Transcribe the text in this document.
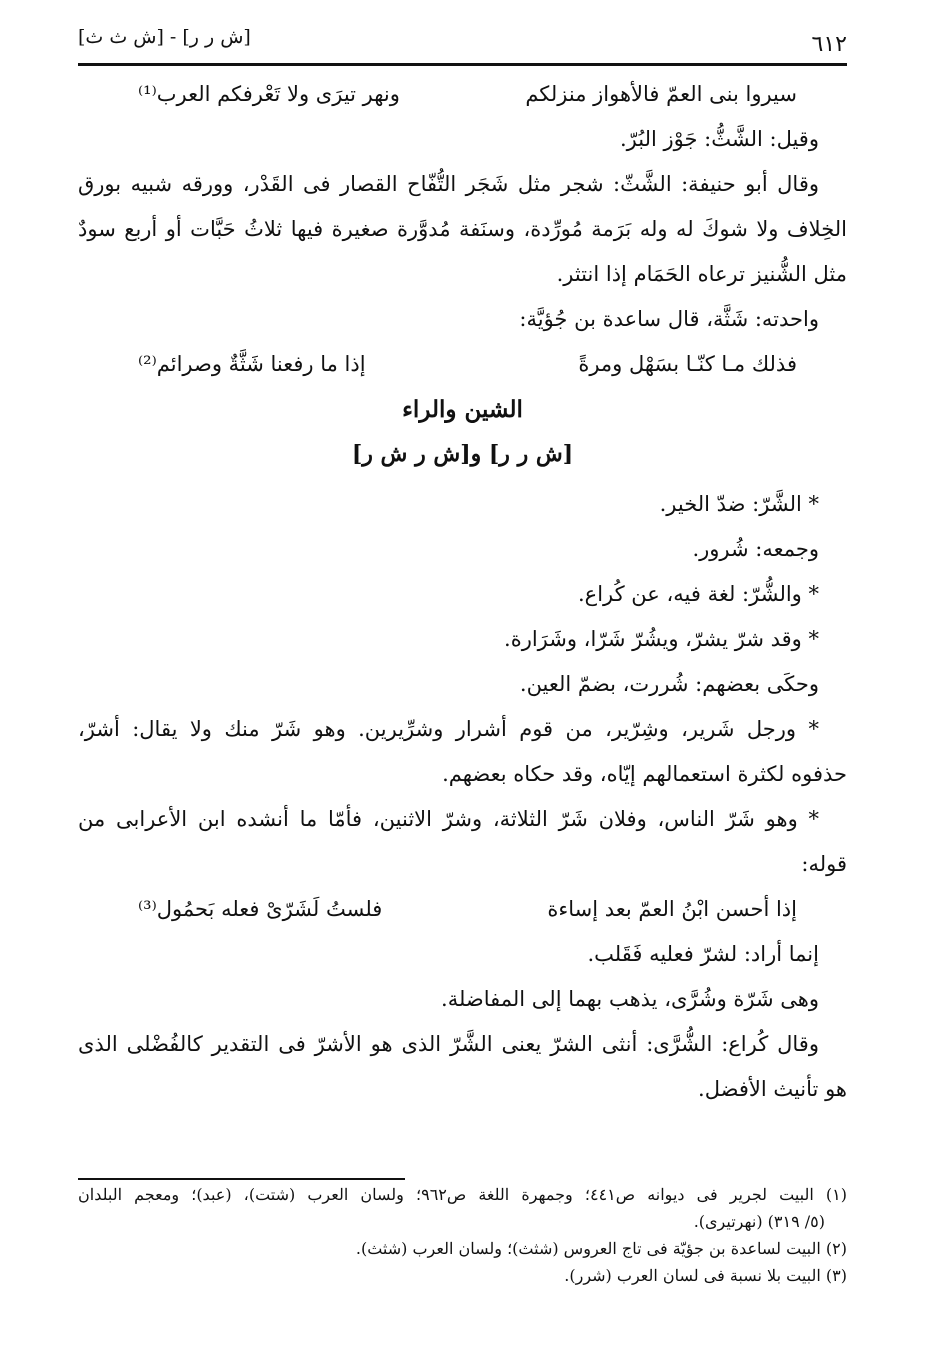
٦١٢
[ش ث ث] - [ش ر ر]
سيروا بنى العمّ فالأهواز منزلكم
ونهر تيرَى ولا تَعْرفكم العرب⁽¹⁾
وقيل: الشَّثُّ: جَوْز البُرّ.
وقال أبو حنيفة: الشَّثّ: شجر مثل شَجَر التُّفّاح القصار فى القَدْر، وورقه شبيه بورق
الخِلاف ولا شوكَ له وله بَرَمة مُورِّدة، وسنَفة مُدوَّرة صغيرة فيها ثلاثُ حَبَّات أو أربع سودٌ
مثل الشُّنيز ترعاه الحَمَام إذا انتثر.
واحدته: شَثَّة، قال ساعدة بن جُؤيَّة:
فذلك مـا كنّـا بسَهْل ومرةً
إذا ما رفعنا شَثَّةٌ وصرائم⁽²⁾
الشين والراء
[ش ر ر] و[ش ر ش ر]
* الشَّرّ: ضدّ الخير.
وجمعه: شُرور.
* والشُّرّ: لغة فيه، عن كُراع.
* وقد شرّ يشرّ، ويشُرّ شَرّا، وشَرَارة.
وحكَى بعضهم: شُررت، بضمّ العين.
* ورجل شَرير، وشِرّير، من قوم أشرار وشرِّيرين. وهو شَرّ منك ولا يقال: أشرّ،
حذفوه لكثرة استعمالهم إيّاه، وقد حكاه بعضهم.
* وهو شَرّ الناس، وفلان شَرّ الثلاثة، وشرّ الاثنين، فأمّا ما أنشده ابن الأعرابى من
قوله:
إذا أحسن ابْنُ العمّ بعد إساءة
فلستُ لَشَرّىْ فعله بَحمُول⁽³⁾
إنما أراد: لشرّ فعليه فَقَلب.
وهى شَرّة وشُرَّى، يذهب بهما إلى المفاضلة.
وقال كُراع: الشُّرَّى: أنثى الشرّ يعنى الشَّرّ الذى هو الأشرّ فى التقدير كالفُضْلى الذى
هو تأنيث الأفضل.
(١) البيت لجرير فى ديوانه ص٤٤١؛ وجمهرة اللغة ص٩٦٢؛ ولسان العرب (شتت)، (عبد)؛ ومعجم البلدان
(٥/ ٣١٩) (نهرتيرى).
(٢) البيت لساعدة بن جؤيّة فى تاج العروس (شثث)؛ ولسان العرب (شثث).
(٣) البيت بلا نسبة فى لسان العرب (شرر).
